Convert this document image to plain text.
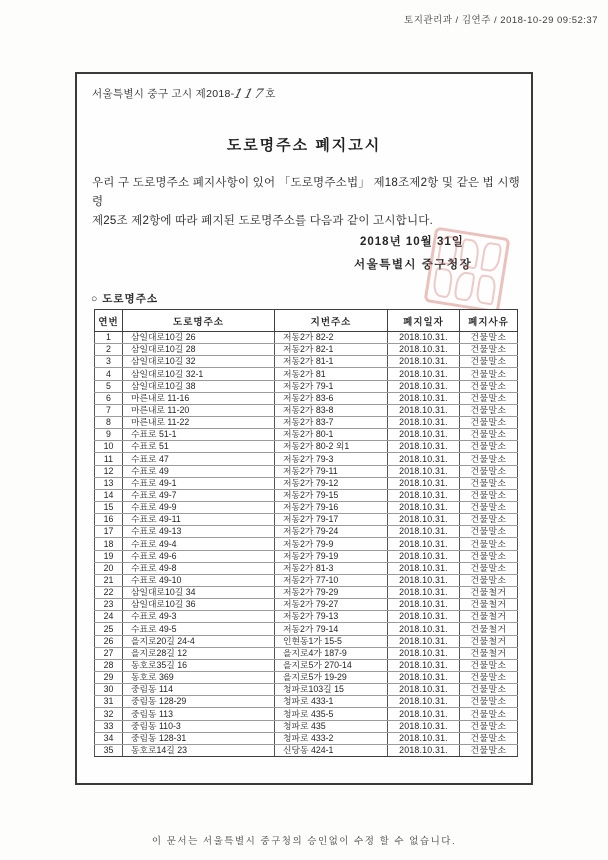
토지관리과 / 김연주 / 2018-10-29 09:52:37
서울특별시 중구 고시 제2018-117호
도로명주소 폐지고시
우리 구 도로명주소 폐지사항이 있어 「도로명주소법」 제18조제2항 및 같은 법 시행령
제25조 제2항에 따라 폐지된 도로명주소를 다음과 같이 고시합니다.
2018년 10월 31일
서울특별시 중구청장
○ 도로명주소
연번	도로명주소	지번주소	폐지일자	폐지사유
1	삼일대로10길 26	저동2가 82-2	2018.10.31.	건물말소
2	삼일대로10길 28	저동2가 82-1	2018.10.31.	건물말소
3	삼일대로10길 32	저동2가 81-1	2018.10.31.	건물말소
4	삼일대로10길 32-1	저동2가 81	2018.10.31.	건물말소
5	삼일대로10길 38	저동2가 79-1	2018.10.31.	건물말소
6	마른내로 11-16	저동2가 83-6	2018.10.31.	건물말소
7	마른내로 11-20	저동2가 83-8	2018.10.31.	건물말소
8	마른내로 11-22	저동2가 83-7	2018.10.31.	건물말소
9	수표로 51-1	저동2가 80-1	2018.10.31.	건물말소
10	수표로 51	저동2가 80-2 외1	2018.10.31.	건물말소
11	수표로 47	저동2가 79-3	2018.10.31.	건물말소
12	수표로 49	저동2가 79-11	2018.10.31.	건물말소
13	수표로 49-1	저동2가 79-12	2018.10.31.	건물말소
14	수표로 49-7	저동2가 79-15	2018.10.31.	건물말소
15	수표로 49-9	저동2가 79-16	2018.10.31.	건물말소
16	수표로 49-11	저동2가 79-17	2018.10.31.	건물말소
17	수표로 49-13	저동2가 79-24	2018.10.31.	건물말소
18	수표로 49-4	저동2가 79-9	2018.10.31.	건물말소
19	수표로 49-6	저동2가 79-19	2018.10.31.	건물말소
20	수표로 49-8	저동2가 81-3	2018.10.31.	건물말소
21	수표로 49-10	저동2가 77-10	2018.10.31.	건물말소
22	삼일대로10길 34	저동2가 79-29	2018.10.31.	건물철거
23	삼일대로10길 36	저동2가 79-27	2018.10.31.	건물철거
24	수표로 49-3	저동2가 79-13	2018.10.31.	건물철거
25	수표로 49-5	저동2가 79-14	2018.10.31.	건물철거
26	을지로20길 24-4	인현동1가 15-5	2018.10.31.	건물철거
27	을지로28길 12	을지로4가 187-9	2018.10.31.	건물철거
28	동호로35길 16	을지로5가 270-14	2018.10.31.	건물말소
29	동호로 369	을지로5가 19-29	2018.10.31.	건물말소
30	중림동 114	청파로103길 15	2018.10.31.	건물말소
31	중림동 128-29	청파로 433-1	2018.10.31.	건물말소
32	중림동 113	청파로 435-5	2018.10.31.	건물말소
33	중림동 110-3	청파로 435	2018.10.31.	건물말소
34	중림동 128-31	청파로 433-2	2018.10.31.	건물말소
35	동호로14길 23	신당동 424-1	2018.10.31.	건물말소
이 문서는 서울특별시 중구청의 승인없이 수정 할 수 없습니다.
